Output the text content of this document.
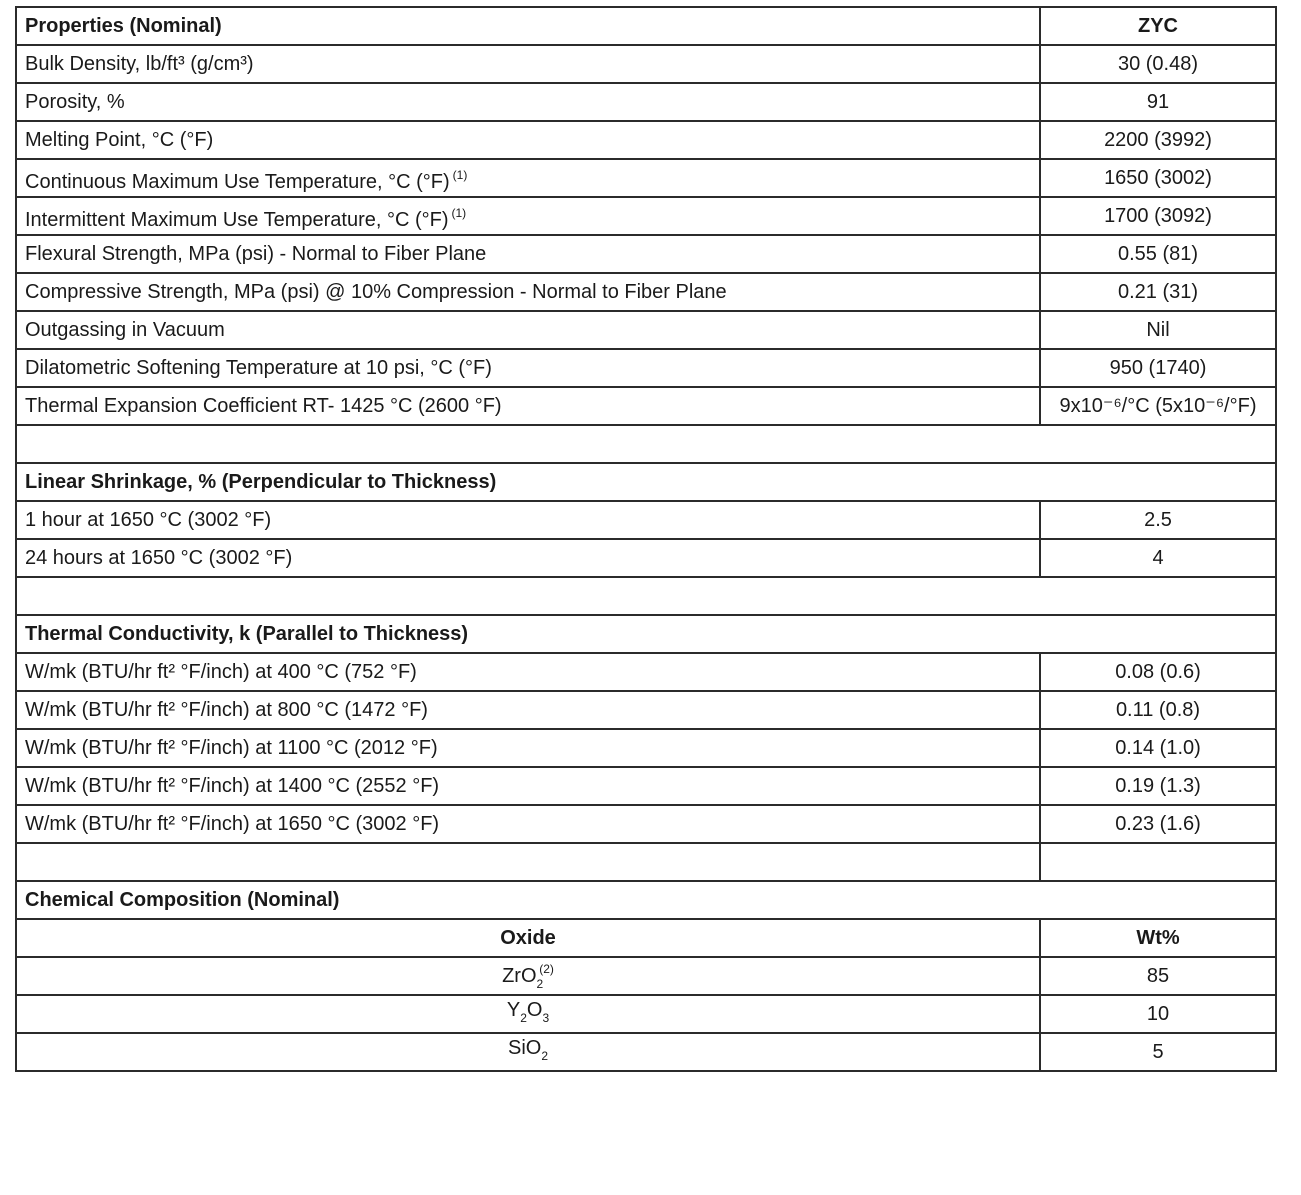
Properties (Nominal)	ZYC
Bulk Density, lb/ft³ (g/cm³)	30 (0.48)
Porosity, %	91
Melting Point, °C (°F)	2200 (3992)
Continuous Maximum Use Temperature, °C (°F) $^{(1)}$	1650 (3002)
Intermittent Maximum Use Temperature, °C (°F) $^{(1)}$	1700 (3092)
Flexural Strength, MPa (psi) - Normal to Fiber Plane	0.55 (81)
Compressive Strength, MPa (psi) @ 10% Compression - Normal to Fiber Plane	0.21 (31)
Outgassing in Vacuum	Nil
Dilatometric Softening Temperature at 10 psi, °C (°F)	950 (1740)
Thermal Expansion Coefficient RT- 1425 °C (2600 °F)	9x10⁻⁶/°C (5x10⁻⁶/°F)

Linear Shrinkage, % (Perpendicular to Thickness)	
1 hour at 1650 °C (3002 °F)	2.5
24 hours at 1650 °C (3002 °F)	4

Thermal Conductivity, k (Parallel to Thickness)	
W/mk (BTU/hr ft² °F/inch) at 400 °C (752 °F)	0.08 (0.6)
W/mk (BTU/hr ft² °F/inch) at 800 °C (1472 °F)	0.11 (0.8)
W/mk (BTU/hr ft² °F/inch) at 1100 °C (2012 °F)	0.14 (1.0)
W/mk (BTU/hr ft² °F/inch) at 1400 °C (2552 °F)	0.19 (1.3)
W/mk (BTU/hr ft² °F/inch) at 1650 °C (3002 °F)	0.23 (1.6)

Chemical Composition (Nominal)	
Oxide	Wt%
ZrO$_2^{(2)}$	85
$Y_2O_3$	10
SiO$_2$	5
